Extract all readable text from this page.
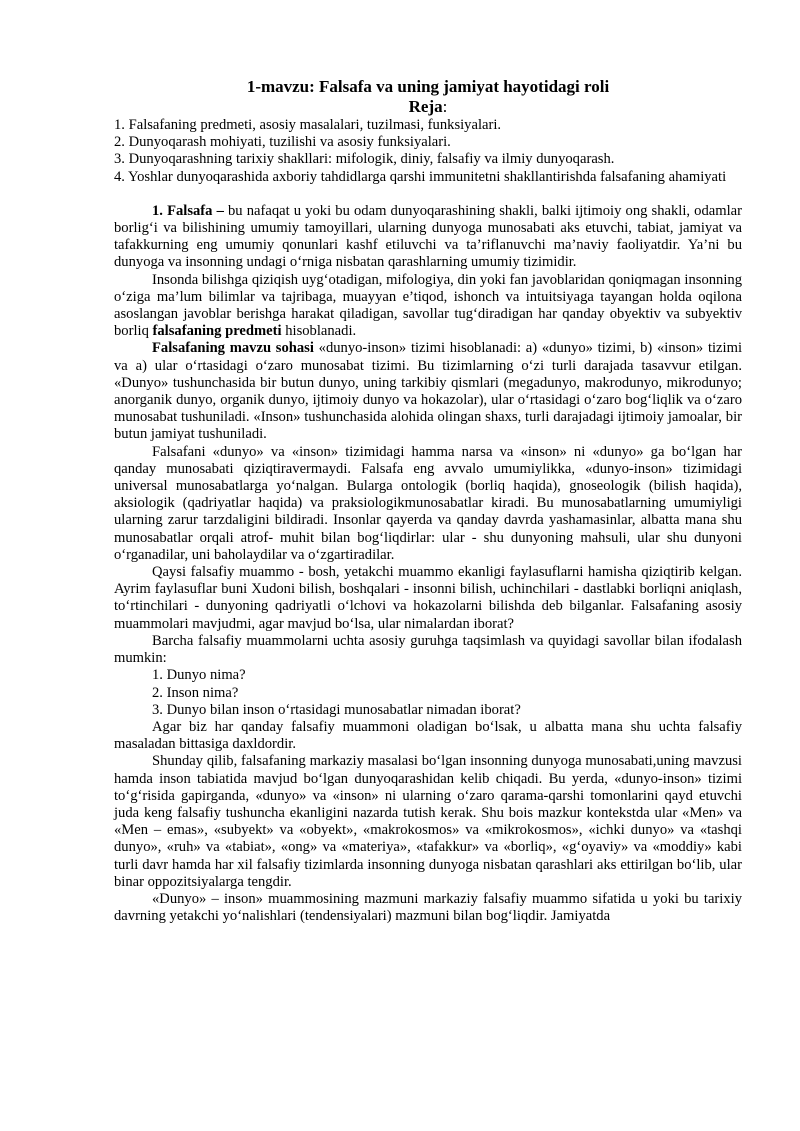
1-mavzu: Falsafa va uning jamiyat hayotidagi roli

Reja:

1. Falsafaning predmeti, asosiy masalalari, tuzilmasi, funksiyalari.

2. Dunyoqarash mohiyati, tuzilishi va asosiy funksiyalari.

3. Dunyoqarashning tarixiy shakllari: mifologik, diniy, falsafiy va ilmiy dunyoqarash.

4. Yoshlar dunyoqarashida axboriy tahdidlarga qarshi immunitetni shakllantirishda falsafaning ahamiyati

1. Falsafa – bu nafaqat u yoki bu odam dunyoqarashining shakli, balki ijtimoiy ong shakli, odamlar borlig‘i va bilishining umumiy tamoyillari, ularning dunyoga munosabati aks etuvchi, tabiat, jamiyat va tafakkurning eng umumiy qonunlari kashf etiluvchi va ta’riflanuvchi ma’naviy faoliyatdir. Ya’ni bu dunyoga va insonning undagi o‘rniga nisbatan qarashlarning umumiy tizimidir.

Insonda bilishga qiziqish uyg‘otadigan, mifologiya, din yoki fan javoblaridan qoniqmagan insonning o‘ziga ma’lum bilimlar va tajribaga, muayyan e’tiqod, ishonch va intuitsiyaga tayangan holda oqilona asoslangan javoblar berishga harakat qiladigan, savollar tug‘diradigan har qanday obyektiv va subyektiv borliq falsafaning predmeti hisoblanadi.

Falsafaning mavzu sohasi «dunyo-inson» tizimi hisoblanadi: a) «dunyo» tizimi, b) «inson» tizimi va a) ular o‘rtasidagi o‘zaro munosabat tizimi. Bu tizimlarning o‘zi turli darajada tasavvur etilgan. «Dunyo» tushunchasida bir butun dunyo, uning tarkibiy qismlari (megadunyo, makrodunyo, mikrodunyo; anorganik dunyo, organik dunyo, ijtimoiy dunyo va hokazolar), ular o‘rtasidagi o‘zaro bog‘liqlik va o‘zaro munosabat tushuniladi. «Inson» tushunchasida alohida olingan shaxs, turli darajadagi ijtimoiy jamoalar, bir butun jamiyat tushuniladi.

Falsafani «dunyo» va «inson» tizimidagi hamma narsa va «inson» ni «dunyo» ga bo‘lgan har qanday munosabati qiziqtiravermaydi. Falsafa eng avvalo umumiylikka, «dunyo-inson» tizimidagi universal munosabatlarga yo‘nalgan. Bularga ontologik (borliq haqida), gnoseologik (bilish haqida), aksiologik (qadriyatlar haqida) va praksiologikmunosabatlar kiradi. Bu munosabatlarning umumiyligi ularning zarur tarzdaligini bildiradi. Insonlar qayerda va qanday davrda yashamasinlar, albatta mana shu munosabatlar orqali atrof- muhit bilan bog‘liqdirlar: ular - shu dunyoning mahsuli, ular shu dunyoni o‘rganadilar, uni baholaydilar va o‘zgartiradilar.

Qaysi falsafiy muammo - bosh, yetakchi muammo ekanligi faylasuflarni hamisha qiziqtirib kelgan. Ayrim faylasuflar buni Xudoni bilish, boshqalari - insonni bilish, uchinchilari - dastlabki borliqni aniqlash, to‘rtinchilari - dunyoning qadriyatli o‘lchovi va hokazolarni bilishda deb bilganlar. Falsafaning asosiy muammolari mavjudmi, agar mavjud bo‘lsa, ular nimalardan iborat?

Barcha falsafiy muammolarni uchta asosiy guruhga taqsimlash va quyidagi savollar bilan ifodalash mumkin:

1. Dunyo nima?

2. Inson nima?

3. Dunyo bilan inson o‘rtasidagi munosabatlar nimadan iborat?

Agar biz har qanday falsafiy muammoni oladigan bo‘lsak, u albatta mana shu uchta falsafiy masaladan bittasiga daxldordir.

Shunday qilib, falsafaning markaziy masalasi bo‘lgan insonning dunyoga munosabati,uning mavzusi hamda inson tabiatida mavjud bo‘lgan dunyoqarashidan kelib chiqadi. Bu yerda, «dunyo-inson» tizimi to‘g‘risida gapirganda, «dunyo» va «inson» ni ularning o‘zaro qarama-qarshi tomonlarini qayd etuvchi juda keng falsafiy tushuncha ekanligini nazarda tutish kerak. Shu bois mazkur kontekstda ular «Men» va «Men – emas», «subyekt» va «obyekt», «makrokosmos» va «mikrokosmos», «ichki dunyo» va «tashqi dunyo», «ruh» va «tabiat», «ong» va «materiya», «tafakkur» va «borliq», «g‘oyaviy» va «moddiy» kabi turli davr hamda har xil falsafiy tizimlarda insonning dunyoga nisbatan qarashlari aks ettirilgan bo‘lib, ular binar oppozitsiyalarga tengdir.

«Dunyo» – inson» muammosining mazmuni markaziy falsafiy muammo sifatida u yoki bu tarixiy davrning yetakchi yo‘nalishlari (tendensiyalari) mazmuni bilan bog‘liqdir. Jamiyatda
